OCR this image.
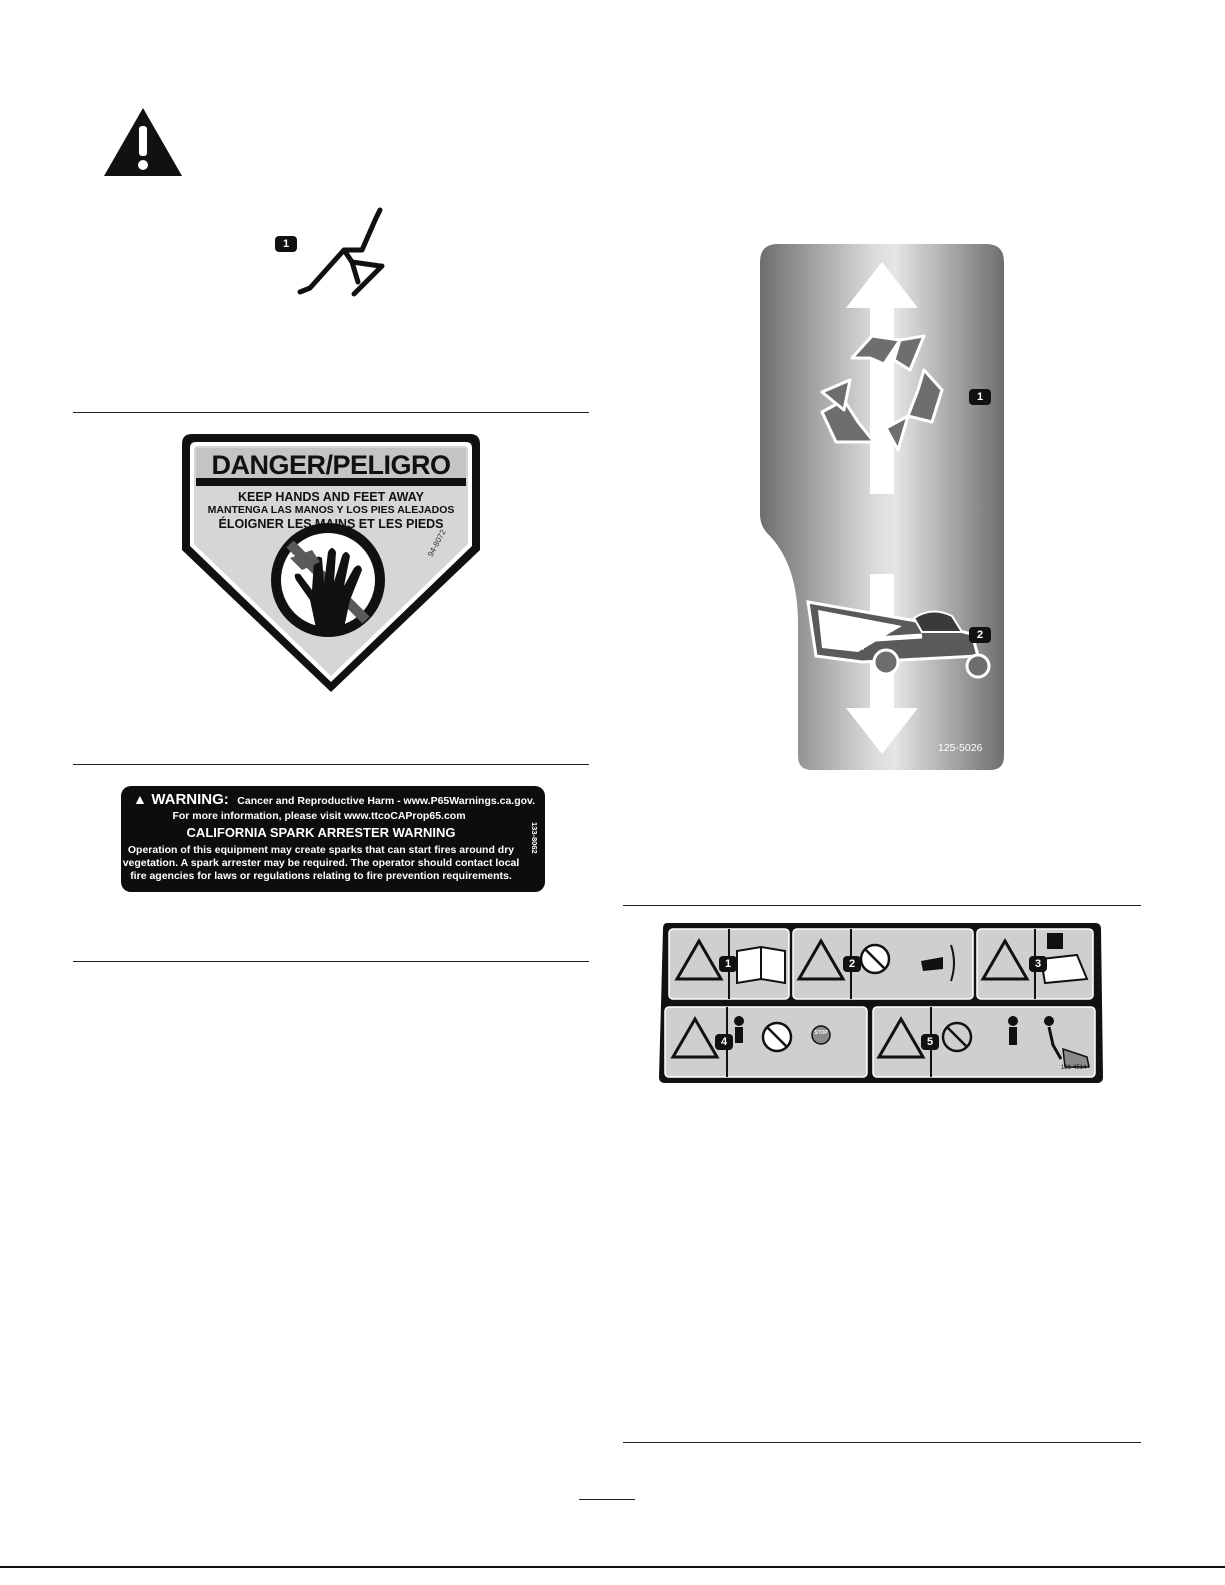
1
DANGER/PELIGRO
KEEP HANDS AND FEET AWAY
MANTENGA LAS MANOS Y LOS PIES ALEJADOS
ÉLOIGNER LES MAINS ET LES PIEDS
94-8072
▲ WARNING: Cancer and Reproductive Harm - www.P65Warnings.ca.gov.
For more information, please visit www.ttcoCAProp65.com
CALIFORNIA SPARK ARRESTER WARNING
Operation of this equipment may create sparks that can start fires around dry
vegetation. A spark arrester may be required. The operator should contact local
fire agencies for laws or regulations relating to fire prevention requirements.
133-8062
1
2
125-5026
1	2	3
4	5
STOP
131-4514
